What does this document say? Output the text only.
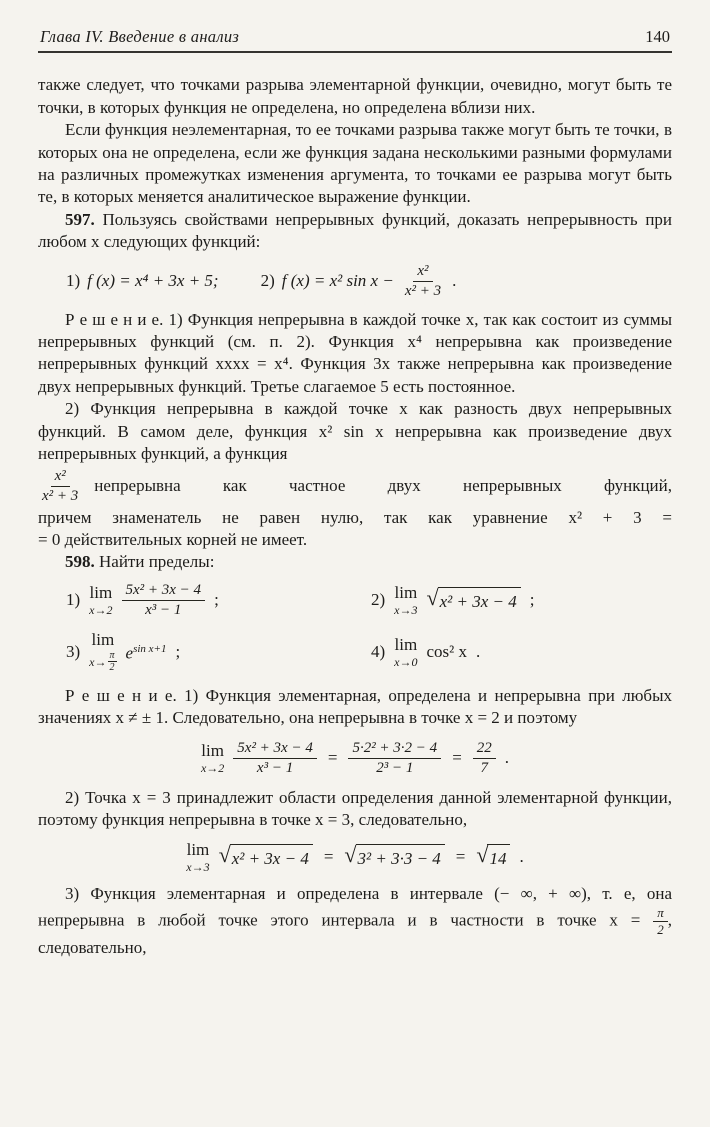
Глава IV. Введение в анализ	140

также следует, что точками разрыва элементарной функции, очевидно, могут быть те точки, в которых функция не определена, но определена вблизи них.

Если функция неэлементарная, то ее точками разрыва также могут быть те точки, в которых она не определена, если же функция задана несколькими разными формулами на различных промежутках изменения аргумента, то точками ее разрыва могут быть те, в которых меняется аналитическое выражение функции.

597. Пользуясь свойствами непрерывных функций, доказать непрерывность при любом x следующих функций:

1) f (x) = x⁴ + 3x + 5; 2) f (x) = x² $\sin x - \frac{\text{x²}}{\text{x² + 3}}$ .

Р е ш е н и е. 1) Функция непрерывна в каждой точке x, так как состоит из суммы непрерывных функций (см. п. 2). Функция x⁴ непрерывна как произведение непрерывных функций xxxx = x⁴. Функция 3x также непрерывна как произведение двух непрерывных функций. Третье слагаемое 5 есть постоянное.

2) Функция непрерывна в каждой точке x как разность двух непрерывных функций. В самом деле, функция x² sin x непрерывна как произведение двух непрерывных функций, а функция

$\frac{\text{x²}}{\text{x² + 3}}$ непрерывна как частное двух непрерывных функций,

причем знаменатель не равен нулю, так как уравнение x² + 3 =

= 0 действительных корней не имеет.

598. Найти пределы:

1) lim
$x\to 2 \frac{\text{5x² + 3x − 4}}{\text{x³ − 1}}$ ;	2) lim
x→3 √ x² + 3x − 4 ;
3)
lim
$x\to \frac{\pi}{2} e^{sin x+1}$ ;	4) lim
x→0
cos² x .

Р е ш е н и е. 1) Функция элементарная, определена и непрерывна при любых значениях x ≠ ± 1. Следовательно, она непрерывна в точке x = 2 и поэтому

lim
$x\to 2 \frac{\text{5x² + 3x − 4}}{\text{x³ − 1}} = \frac{\text{5·2² + 3·2 − 4}}{\text{2³ − 1}} = \frac{22}{7}$ .

2) Точка x = 3 принадлежит области определения данной элементарной функции, поэтому функция непрерывна в точке x = 3, следовательно,

lim
x→3 √ x² + 3x − 4 = √ 3² + 3·3 − 4 = √ 14 .

3) Функция элементарная и определена в интервале (− ∞, + ∞), т. е, она непрерывна в любой точке этого интервала и в частности в точке $x = \frac{\pi}{2}$ , следовательно,
